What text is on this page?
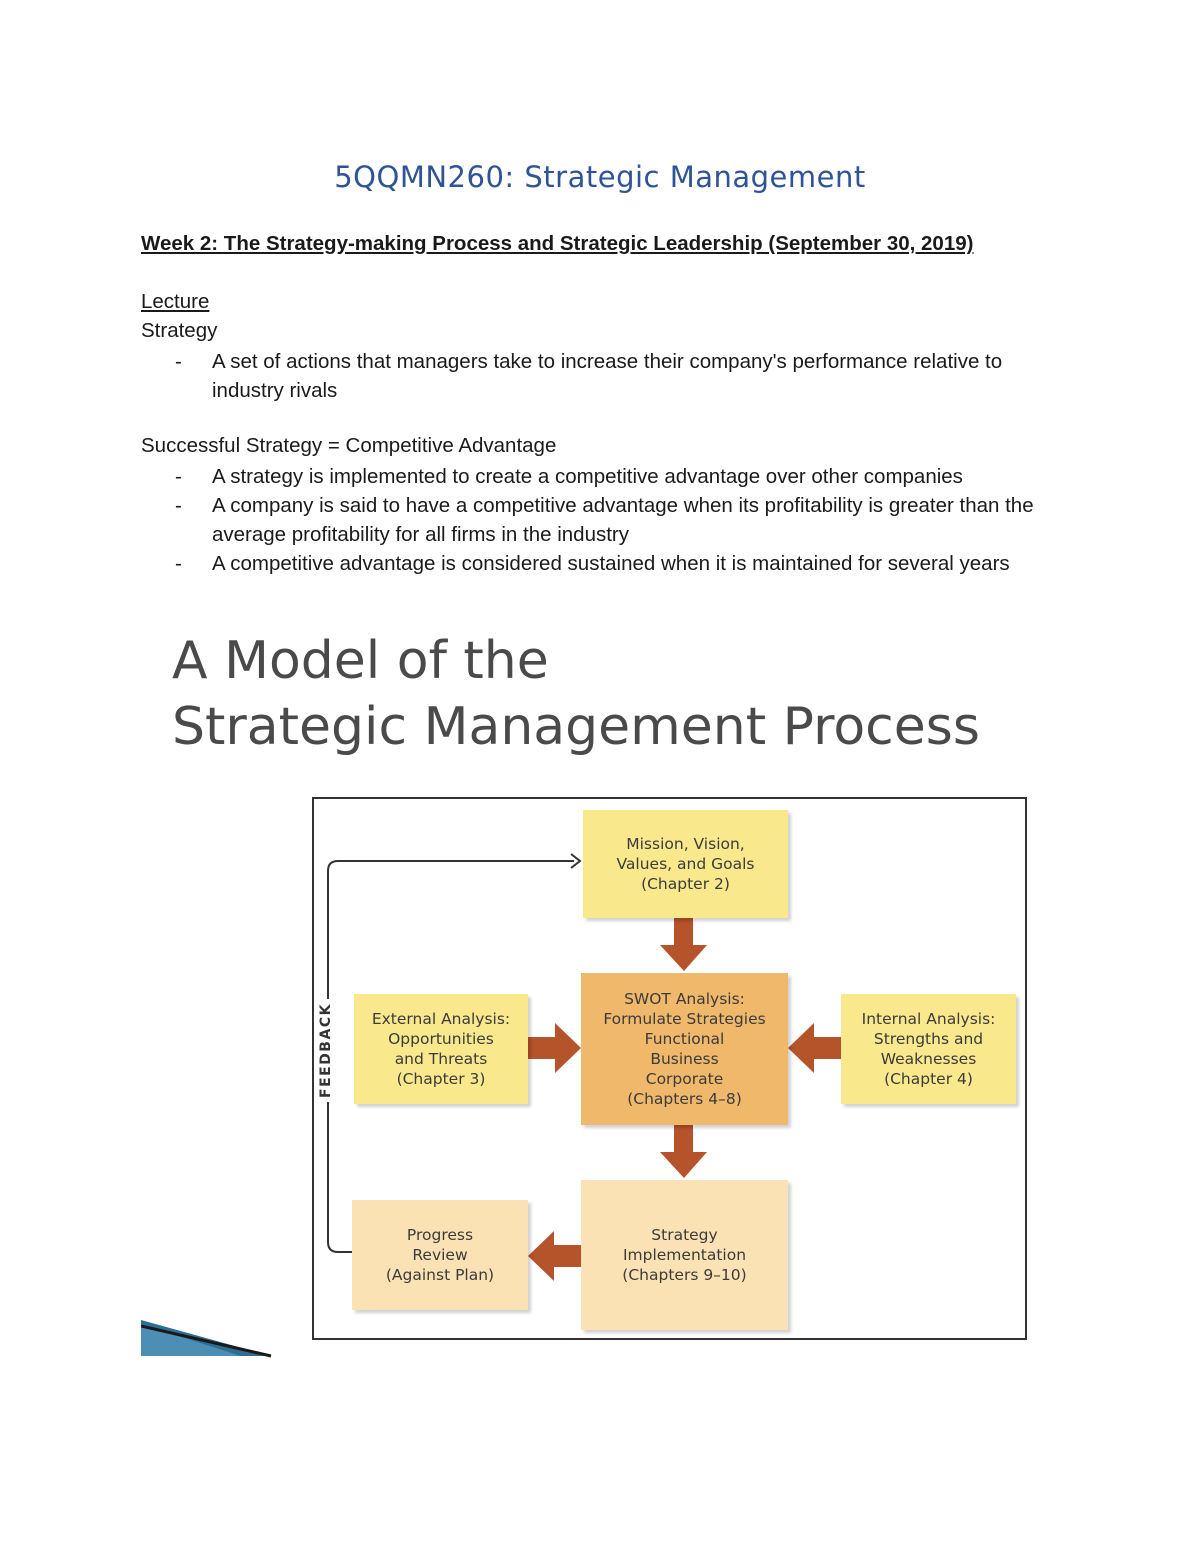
5QQMN260: Strategic Management
Week 2: The Strategy-making Process and Strategic Leadership (September 30, 2019)
Lecture
Strategy
- A set of actions that managers take to increase their company's performance relative to industry rivals
Successful Strategy = Competitive Advantage
- A strategy is implemented to create a competitive advantage over other companies
- A company is said to have a competitive advantage when its profitability is greater than the average profitability for all firms in the industry
- A competitive advantage is considered sustained when it is maintained for several years
A Model of the
Strategic Management Process
FEEDBACK
Mission, Vision,
Values, and Goals
(Chapter 2)
External Analysis:
Opportunities
and Threats
(Chapter 3)
SWOT Analysis:
Formulate Strategies
Functional
Business
Corporate
(Chapters 4–8)
Internal Analysis:
Strengths and
Weaknesses
(Chapter 4)
Progress
Review
(Against Plan)
Strategy
Implementation
(Chapters 9–10)
